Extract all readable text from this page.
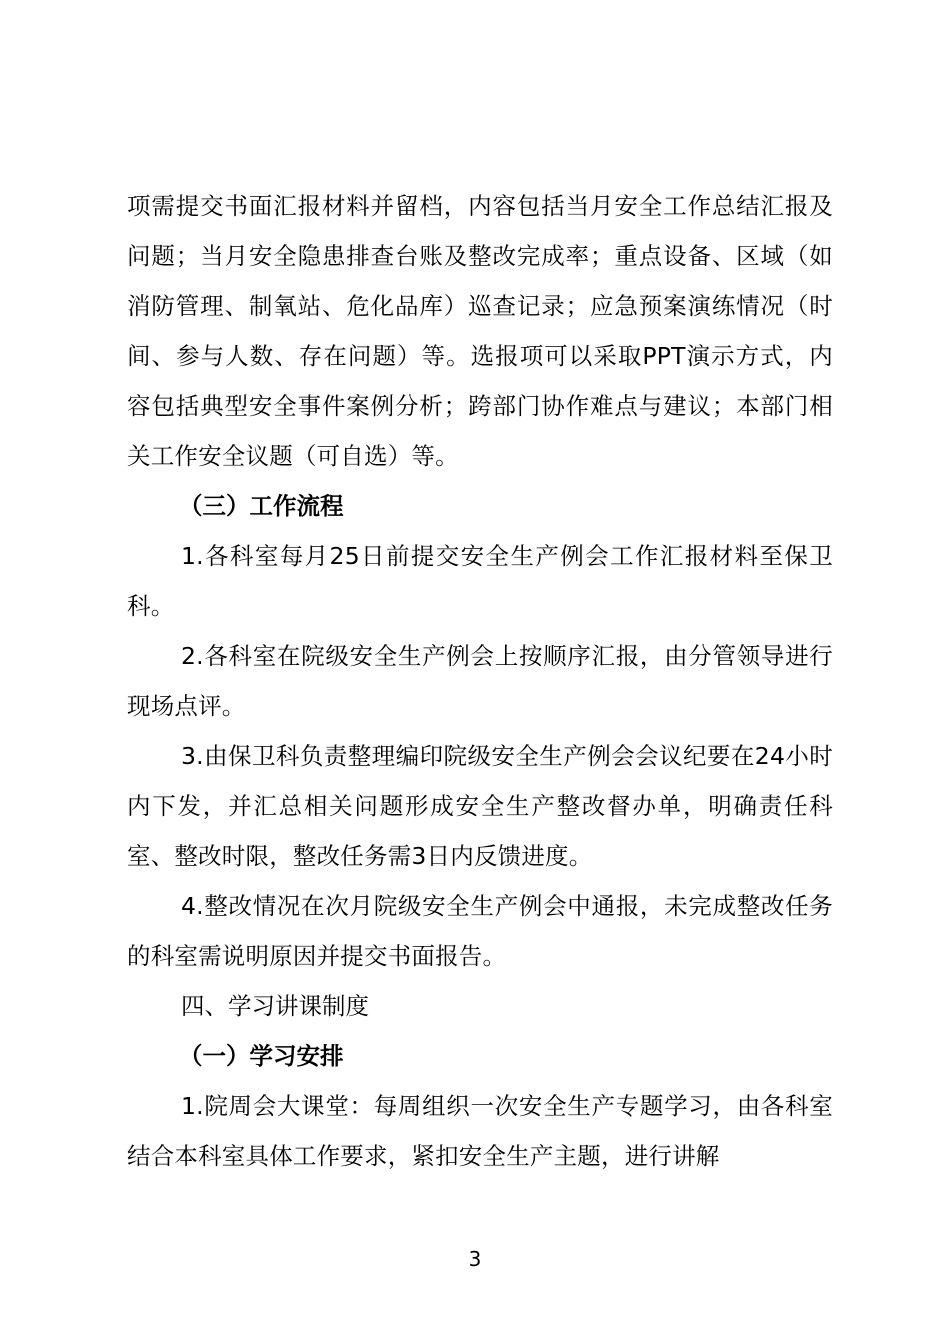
项需提交书面汇报材料并留档，内容包括当月安全工作总结汇报及问题；当月安全隐患排查台账及整改完成率；重点设备、区域（如消防管理、制氧站、危化品库）巡查记录；应急预案演练情况（时间、参与人数、存在问题）等。选报项可以采取PPT演示方式，内容包括典型安全事件案例分析；跨部门协作难点与建议；本部门相关工作安全议题（可自选）等。

（三）工作流程

1.各科室每月25日前提交安全生产例会工作汇报材料至保卫科。

2.各科室在院级安全生产例会上按顺序汇报，由分管领导进行现场点评。

3.由保卫科负责整理编印院级安全生产例会会议纪要在24小时内下发，并汇总相关问题形成安全生产整改督办单，明确责任科室、整改时限，整改任务需3日内反馈进度。

4.整改情况在次月院级安全生产例会中通报，未完成整改任务的科室需说明原因并提交书面报告。

四、学习讲课制度

（一）学习安排

1.院周会大课堂：每周组织一次安全生产专题学习，由各科室结合本科室具体工作要求，紧扣安全生产主题，进行讲解

3
